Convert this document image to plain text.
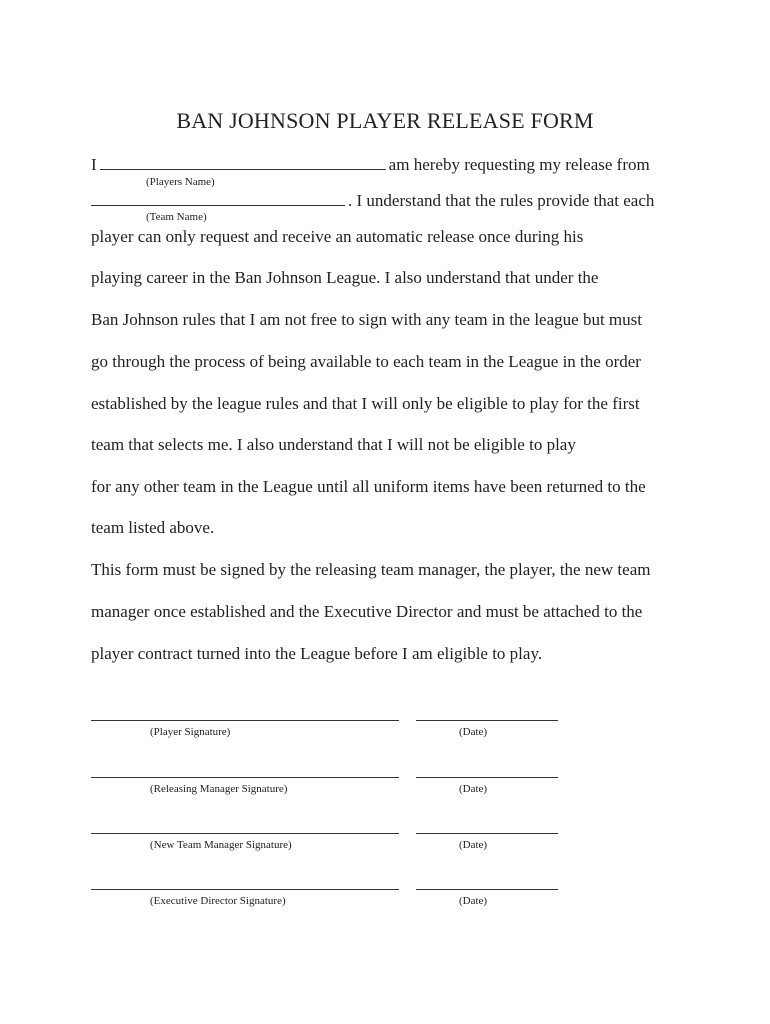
BAN JOHNSON PLAYER RELEASE FORM
I	am hereby requesting my release from
(Players Name)
. I understand that the rules provide that each
(Team Name)
player can only request and receive an automatic release once during his
playing career in the Ban Johnson League. I also understand that under the
Ban Johnson rules that I am not free to sign with any team in the league but must
go through the process of being available to each team in the League in the order
established by the league rules and that I will only be eligible to play for the first
team that selects me. I also understand that I will not be eligible to play
for any other team in the League until all uniform items have been returned to the
team listed above.
This form must be signed by the releasing team manager, the player, the new team
manager once established and the Executive Director and must be attached to the
player contract turned into the League before I am eligible to play.
(Player Signature)	(Date)
(Releasing Manager Signature)	(Date)
(New Team Manager Signature)	(Date)
(Executive Director Signature)	(Date)
